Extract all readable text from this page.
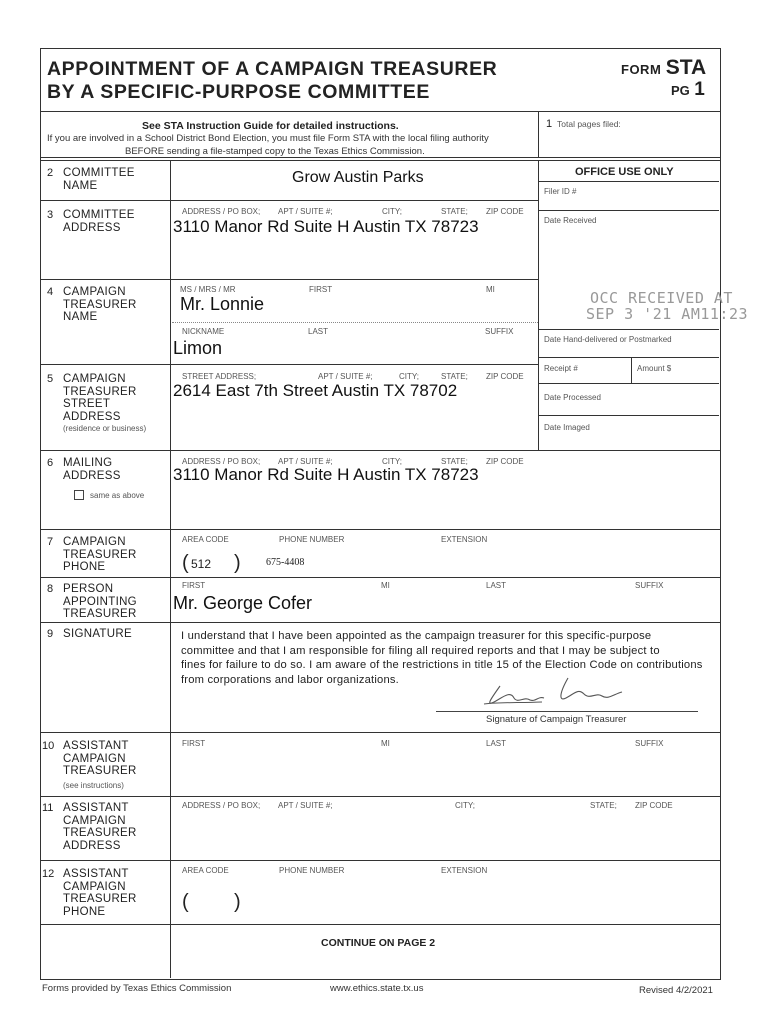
APPOINTMENT OF A CAMPAIGN TREASURER
BY A SPECIFIC-PURPOSE COMMITTEE
FORM STA
PG 1
See STA Instruction Guide for detailed instructions.
If you are involved in a School District Bond Election, you must file Form STA with the local filing authority
BEFORE sending a file-stamped copy to the Texas Ethics Commission.
1 Total pages filed:
OFFICE USE ONLY
Filer ID #
Date Received
OCC RECEIVED AT
SEP 3 '21 AM11:23
Date Hand-delivered or Postmarked
Receipt #	Amount $
Date Processed
Date Imaged
2 COMMITTEE NAME	Grow Austin Parks
3 COMMITTEE ADDRESS
ADDRESS / PO BOX; APT / SUITE #;	CITY;	STATE; ZIP CODE
3110 Manor Rd Suite H Austin TX 78723
4 CAMPAIGN TREASURER NAME
MS / MRS / MR	FIRST	MI
Mr. Lonnie
NICKNAME	LAST	SUFFIX
Limon
5 CAMPAIGN TREASURER STREET ADDRESS
(residence or business)
STREET ADDRESS;	APT / SUITE #;	CITY;	STATE; ZIP CODE
2614 East 7th Street Austin TX 78702
6 MAILING ADDRESS
same as above
ADDRESS / PO BOX; APT / SUITE #;	CITY;	STATE; ZIP CODE
3110 Manor Rd Suite H Austin TX 78723
7 CAMPAIGN TREASURER PHONE
AREA CODE	PHONE NUMBER	EXTENSION
( 512 )	675-4408
8 PERSON APPOINTING TREASURER
FIRST	MI	LAST	SUFFIX
Mr. George Cofer
9 SIGNATURE	I understand that I have been appointed as the campaign treasurer for this specific-purpose
committee and that I am responsible for filing all required reports and that I may be subject to
fines for failure to do so. I am aware of the restrictions in title 15 of the Election Code on contributions
from corporations and labor organizations.
Signature of Campaign Treasurer
10 ASSISTANT CAMPAIGN TREASURER
(see instructions)
FIRST	MI	LAST	SUFFIX
11 ASSISTANT CAMPAIGN TREASURER ADDRESS
ADDRESS / PO BOX; APT / SUITE #;	CITY;	STATE; ZIP CODE
12 ASSISTANT CAMPAIGN TREASURER PHONE
AREA CODE	PHONE NUMBER	EXTENSION
( )
CONTINUE ON PAGE 2
Forms provided by Texas Ethics Commission	www.ethics.state.tx.us	Revised 4/2/2021
